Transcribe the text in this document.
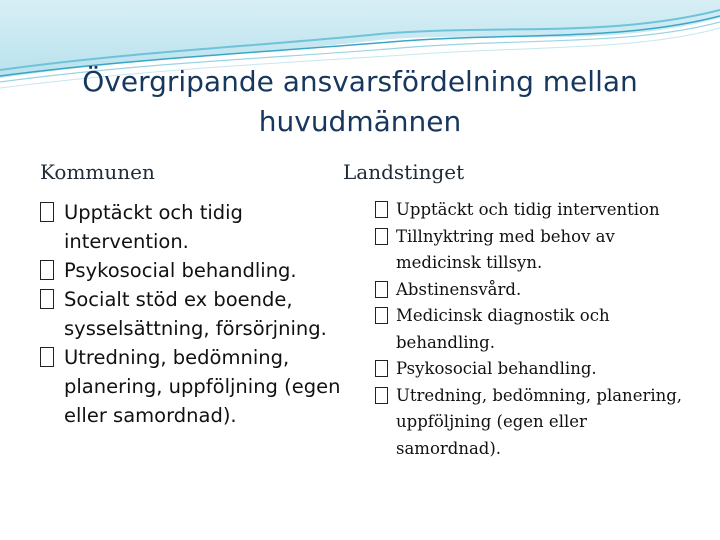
Övergripande ansvarsfördelning mellan
huvudmännen
Kommunen	Landstinget
Upptäckt och tidig intervention.
Psykosocial behandling.
Socialt stöd ex boende, sysselsättning, försörjning.
Utredning, bedömning, planering, uppföljning (egen eller samordnad).
Upptäckt och tidig intervention
Tillnyktring med behov av medicinsk tillsyn.
Abstinensvård.
Medicinsk diagnostik och behandling.
Psykosocial behandling.
Utredning, bedömning, planering, uppföljning (egen eller samordnad).
